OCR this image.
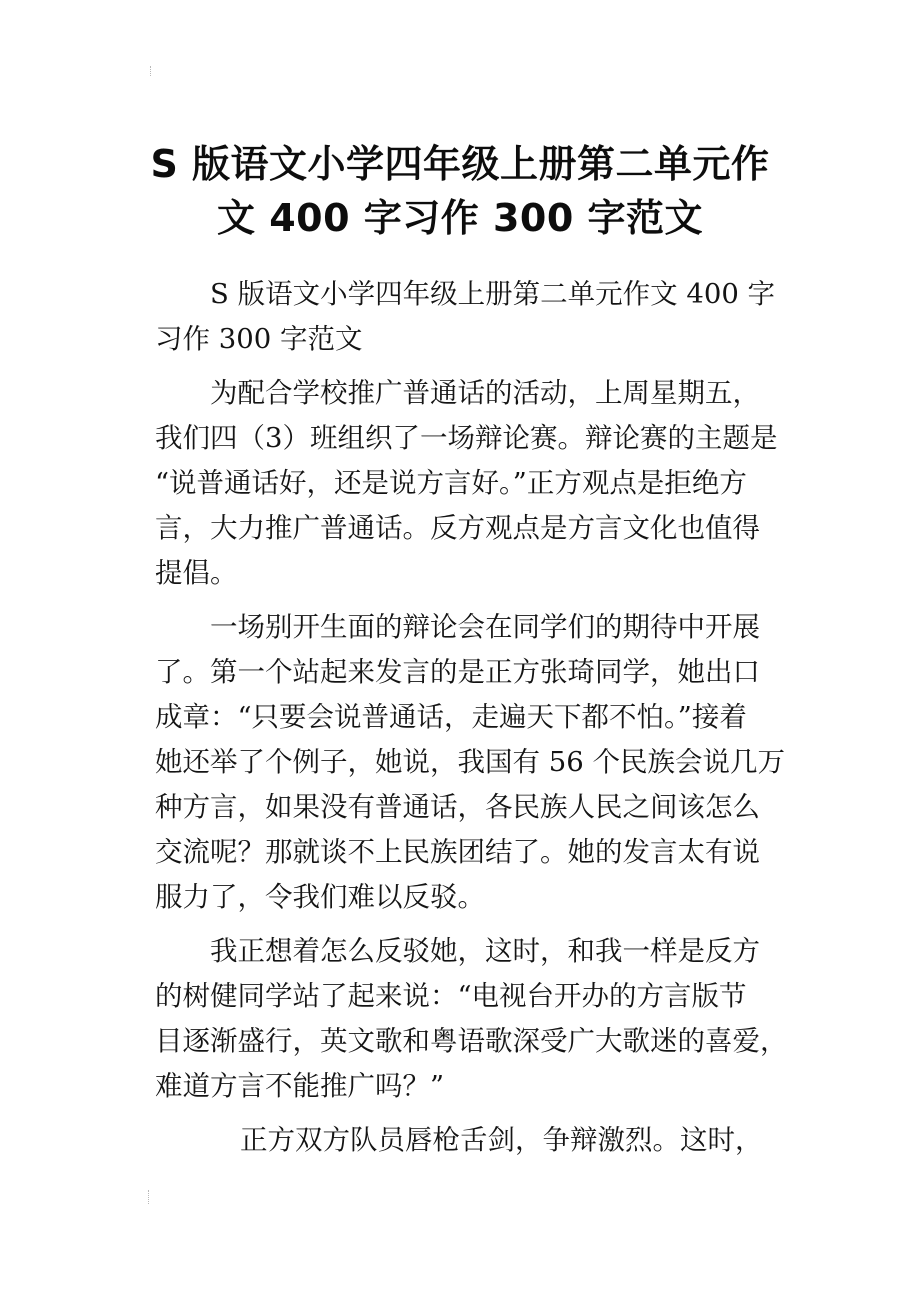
S 版语文小学四年级上册第二单元作
文 400 字习作 300 字范文

S 版语文小学四年级上册第二单元作文 400 字
习作 300 字范文

为配合学校推广普通话的活动，上周星期五，
我们四（3）班组织了一场辩论赛。辩论赛的主题是
“说普通话好，还是说方言好。”正方观点是拒绝方
言，大力推广普通话。反方观点是方言文化也值得
提倡。

一场别开生面的辩论会在同学们的期待中开展
了。第一个站起来发言的是正方张琦同学，她出口
成章：“只要会说普通话，走遍天下都不怕。”接着
她还举了个例子，她说，我国有 56 个民族会说几万
种方言，如果没有普通话，各民族人民之间该怎么
交流呢？那就谈不上民族团结了。她的发言太有说
服力了，令我们难以反驳。

我正想着怎么反驳她，这时，和我一样是反方
的树健同学站了起来说：“电视台开办的方言版节
目逐渐盛行，英文歌和粤语歌深受广大歌迷的喜爱，
难道方言不能推广吗？”

正方双方队员唇枪舌剑，争辩激烈。这时，
